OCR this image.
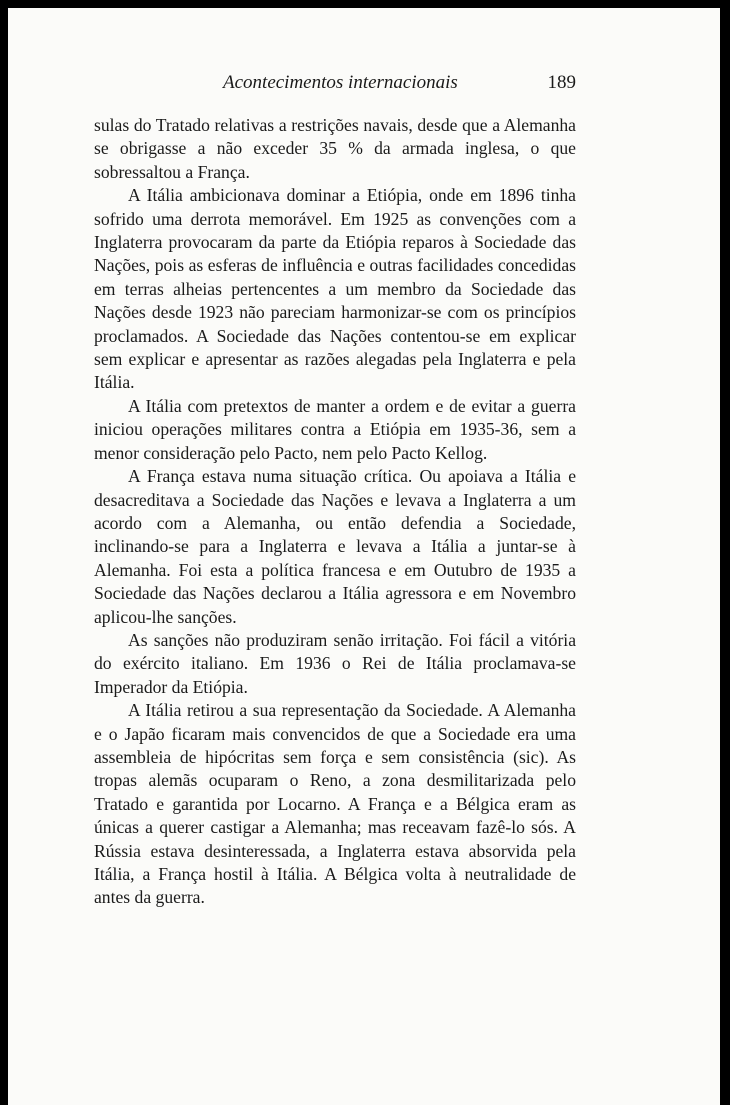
Acontecimentos internacionais	189

sulas do Tratado relativas a restrições navais, desde que a Alemanha se obrigasse a não exceder 35 % da armada inglesa, o que sobressaltou a França.

A Itália ambicionava dominar a Etiópia, onde em 1896 tinha sofrido uma derrota memorável. Em 1925 as convenções com a Inglaterra provocaram da parte da Etiópia reparos à Sociedade das Nações, pois as esferas de influência e outras facilidades concedidas em terras alheias pertencentes a um membro da Sociedade das Nações desde 1923 não pareciam harmonizar-se com os princípios proclamados. A Sociedade das Nações contentou-se em explicar sem explicar e apresentar as razões alegadas pela Inglaterra e pela Itália.

A Itália com pretextos de manter a ordem e de evitar a guerra iniciou operações militares contra a Etiópia em 1935-36, sem a menor consideração pelo Pacto, nem pelo Pacto Kellog.

A França estava numa situação crítica. Ou apoiava a Itália e desacreditava a Sociedade das Nações e levava a Inglaterra a um acordo com a Alemanha, ou então defendia a Sociedade, inclinando-se para a Inglaterra e levava a Itália a juntar-se à Alemanha. Foi esta a política francesa e em Outubro de 1935 a Sociedade das Nações declarou a Itália agressora e em Novembro aplicou-lhe sanções.

As sanções não produziram senão irritação. Foi fácil a vitória do exército italiano. Em 1936 o Rei de Itália proclamava-se Imperador da Etiópia.

A Itália retirou a sua representação da Sociedade. A Alemanha e o Japão ficaram mais convencidos de que a Sociedade era uma assembleia de hipócritas sem força e sem consistência (sic). As tropas alemãs ocuparam o Reno, a zona desmilitarizada pelo Tratado e garantida por Locarno. A França e a Bélgica eram as únicas a querer castigar a Alemanha; mas receavam fazê-lo sós. A Rússia estava desinteressada, a Inglaterra estava absorvida pela Itália, a França hostil à Itália. A Bélgica volta à neutralidade de antes da guerra.
